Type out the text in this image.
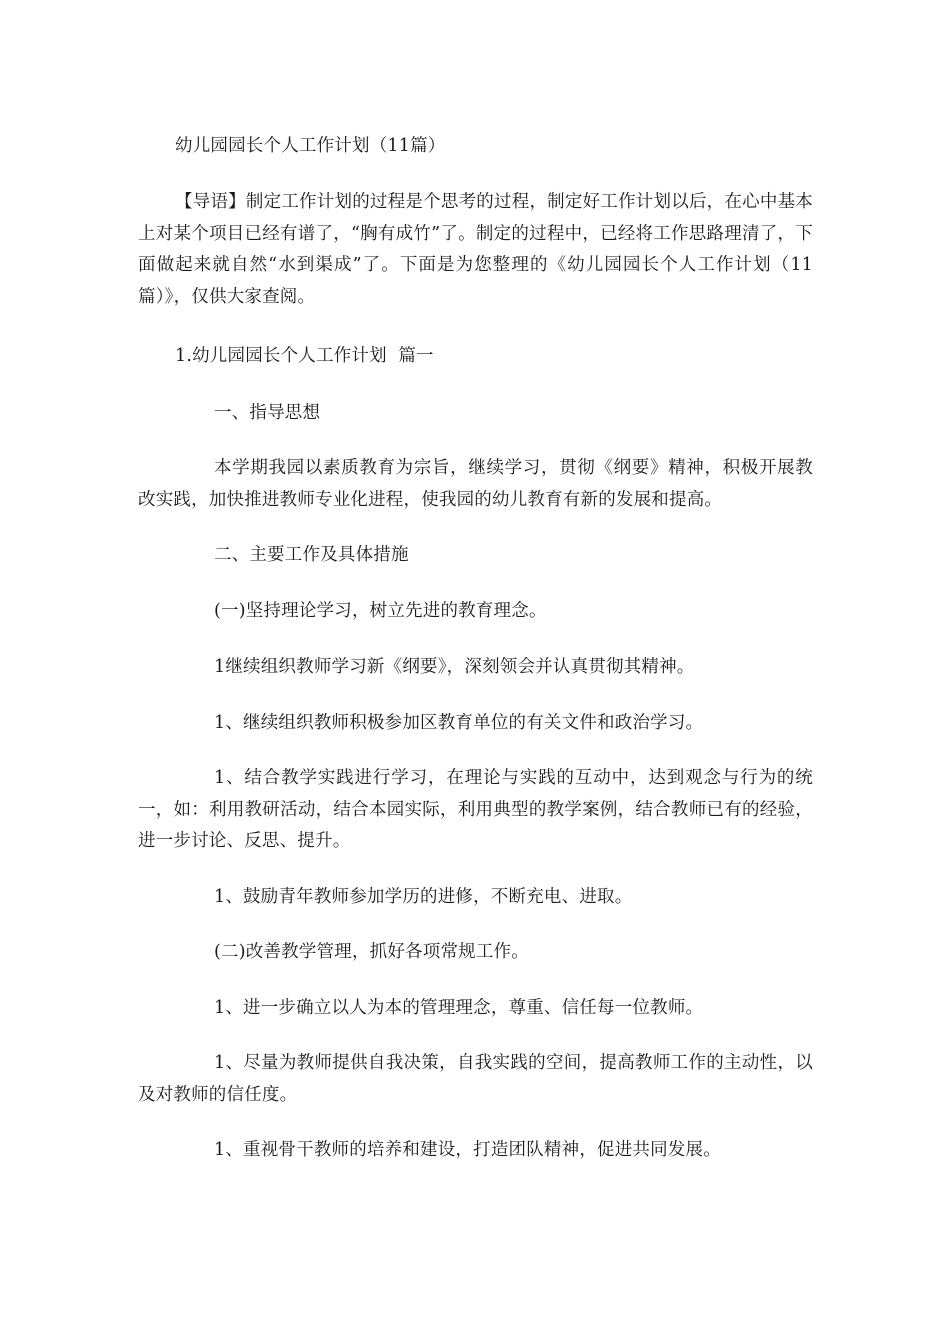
幼儿园园长个人工作计划（11篇）
【导语】制定工作计划的过程是个思考的过程，制定好工作计划以后，在心中基本上对某个项目已经有谱了，“胸有成竹”了。制定的过程中，已经将工作思路理清了，下面做起来就自然“水到渠成”了。下面是为您整理的《幼儿园园长个人工作计划（11篇）》，仅供大家查阅。
1.幼儿园园长个人工作计划  篇一
一、指导思想
本学期我园以素质教育为宗旨，继续学习，贯彻《纲要》精神，积极开展教改实践，加快推进教师专业化进程，使我园的幼儿教育有新的发展和提高。
二、主要工作及具体措施
(一)坚持理论学习，树立先进的教育理念。
1继续组织教师学习新《纲要》，深刻领会并认真贯彻其精神。
1、继续组织教师积极参加区教育单位的有关文件和政治学习。
1、结合教学实践进行学习，在理论与实践的互动中，达到观念与行为的统一，如：利用教研活动，结合本园实际，利用典型的教学案例，结合教师已有的经验，进一步讨论、反思、提升。
1、鼓励青年教师参加学历的进修，不断充电、进取。
(二)改善教学管理，抓好各项常规工作。
1、进一步确立以人为本的管理理念，尊重、信任每一位教师。
1、尽量为教师提供自我决策，自我实践的空间，提高教师工作的主动性，以及对教师的信任度。
1、重视骨干教师的培养和建设，打造团队精神，促进共同发展。
